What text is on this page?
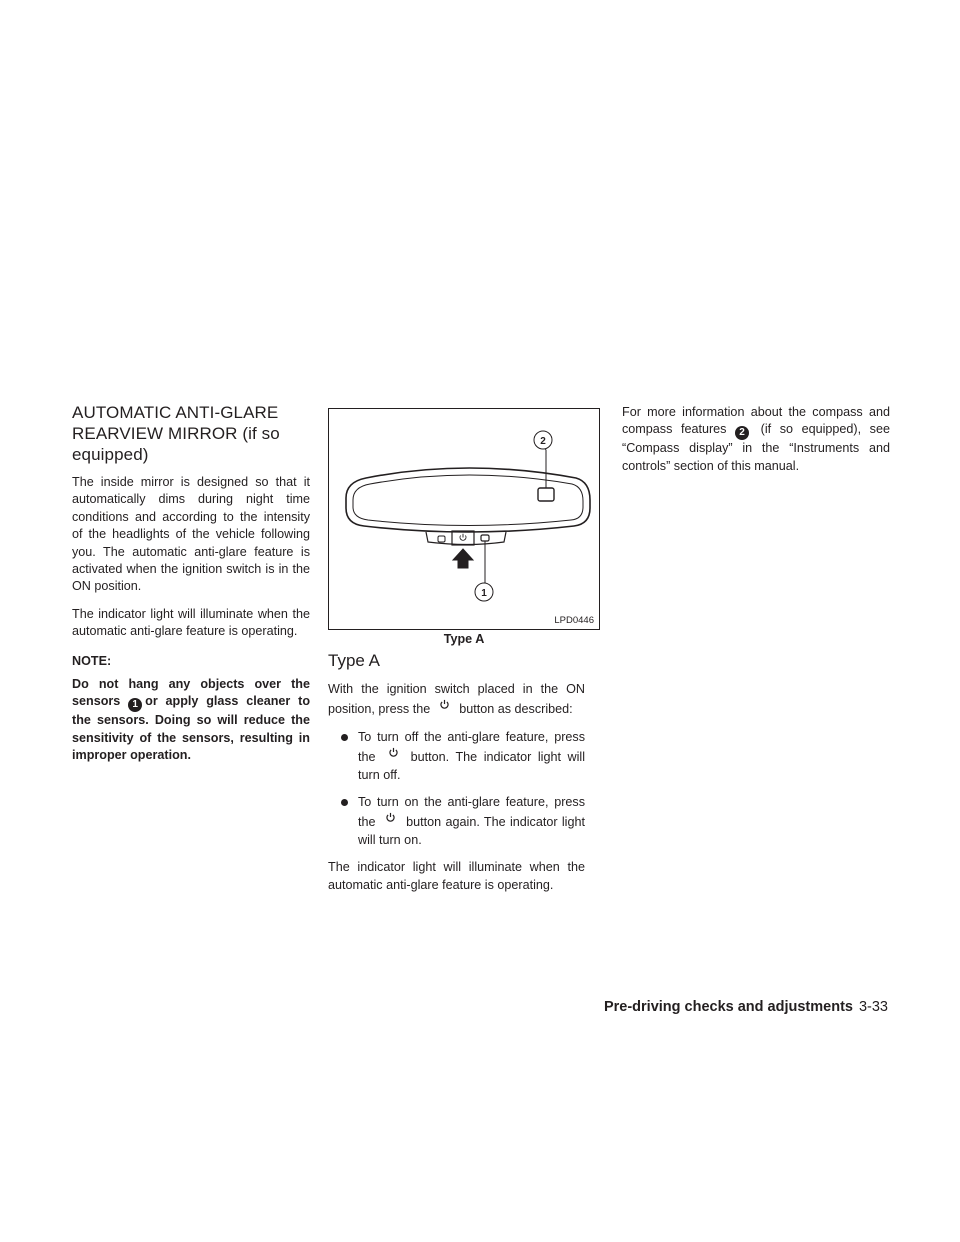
AUTOMATIC ANTI-GLARE
REARVIEW MIRROR (if so equipped)

The inside mirror is designed so that it automatically dims during night time conditions and according to the intensity of the headlights of the vehicle following you. The automatic anti-glare feature is activated when the ignition switch is in the ON position.

The indicator light will illuminate when the automatic anti-glare feature is operating.

NOTE:
Do not hang any objects over the sensors 1 or apply glass cleaner to the sensors. Doing so will reduce the sensitivity of the sensors, resulting in improper operation.
2
1
LPD0446
Type A
Type A

With the ignition switch placed in the ON position, press the button as described:

To turn off the anti-glare feature, press the	button. The indicator light will turn off.
To turn on the anti-glare feature, press the button again. The indicator light will turn on.

The indicator light will illuminate when the automatic anti-glare feature is operating.

For more information about the compass and compass features 2 (if so equipped), see “Compass display” in the “Instruments and controls” section of this manual.

Pre-driving checks and adjustments 3-33
